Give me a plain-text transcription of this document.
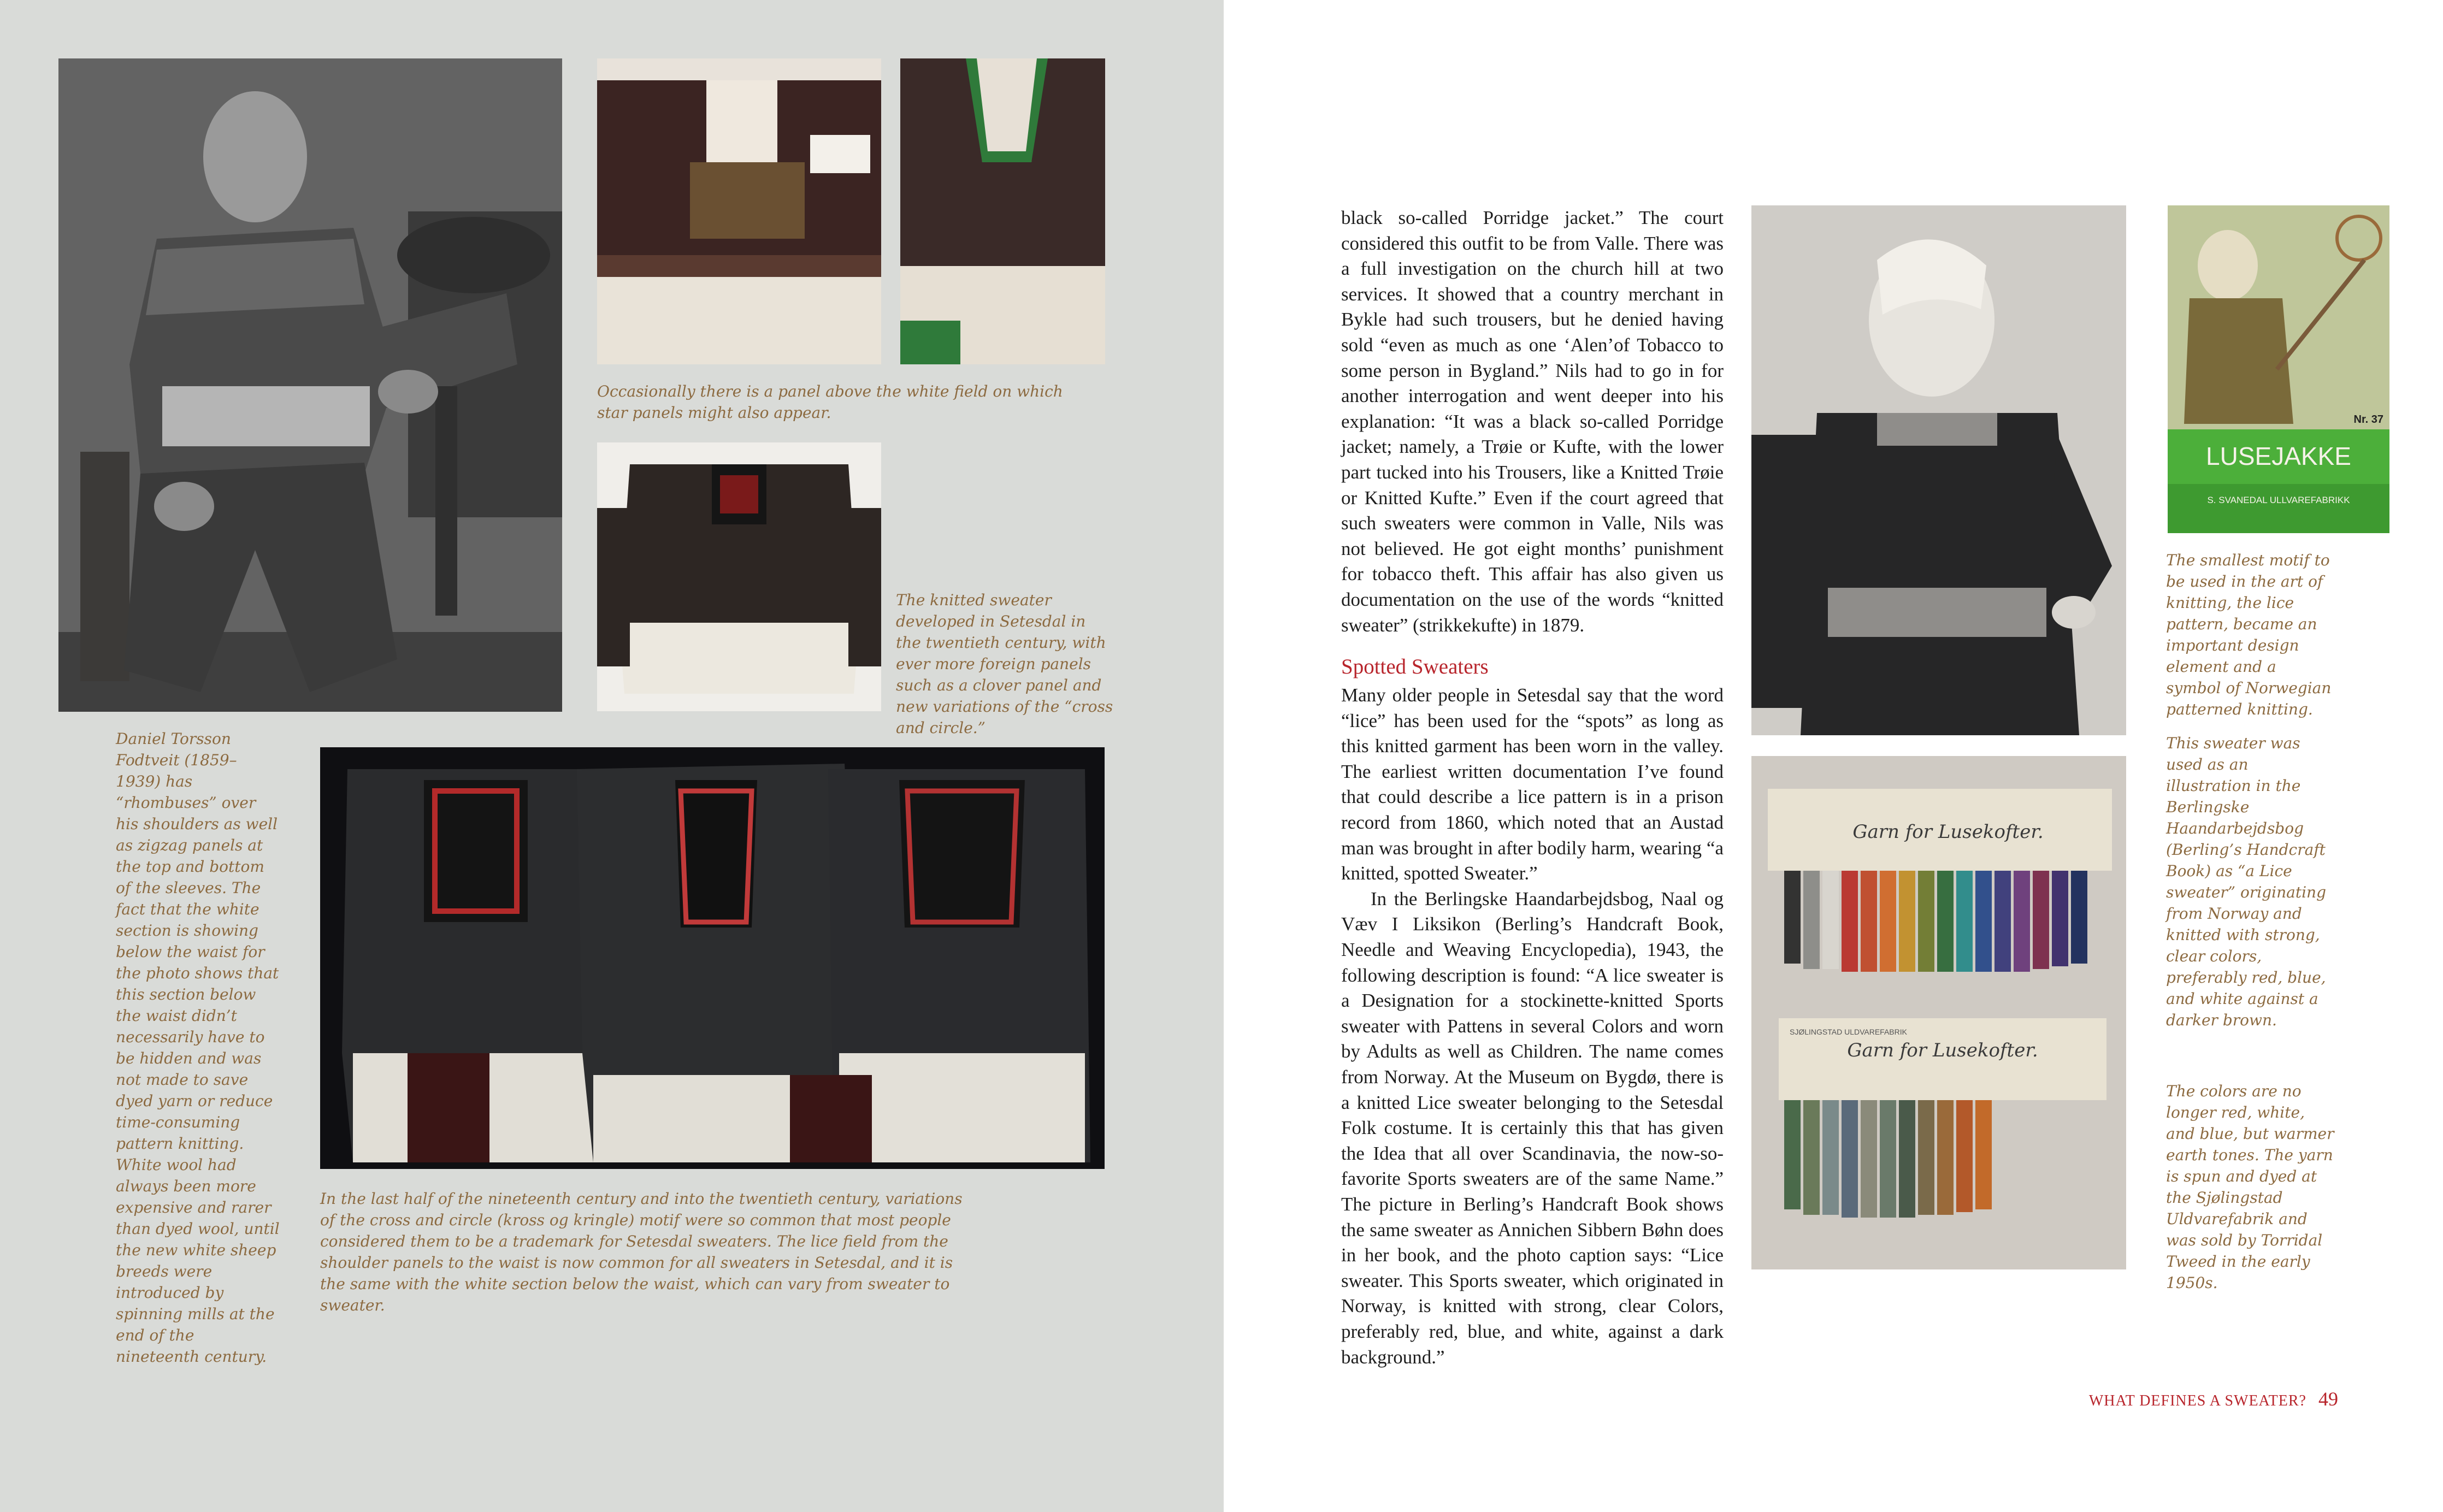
Daniel Torsson Fodtveit (1859–1939) has “rhombuses” over his shoulders as well as zigzag panels at the top and bottom of the sleeves. The fact that the white section is showing below the waist for the photo shows that this section below the waist didn’t necessarily have to be hidden and was not made to save dyed yarn or reduce time-consuming pattern knitting. White wool had always been more expensive and rarer than dyed wool, until the new white sheep breeds were introduced by spinning mills at the end of the nineteenth century.

Occasionally there is a panel above the white field on which star panels might also appear.

The knitted sweater developed in Setesdal in the twentieth century, with ever more foreign panels such as a clover panel and new variations of the “cross and circle.”

In the last half of the nineteenth century and into the twentieth century, variations of the cross and circle (kross og kringle) motif were so common that most people considered them to be a trademark for Setesdal sweaters. The lice field from the shoulder panels to the waist is now common for all sweaters in Setesdal, and it is the same with the white section below the waist, which can vary from sweater to sweater.

black so-called Porridge jacket.” The court considered this outfit to be from Valle. There was a full investigation on the church hill at two services. It showed that a country merchant in Bykle had such trousers, but he denied having sold “even as much as one ‘Alen’of Tobacco to some person in Bygland.” Nils had to go in for another interrogation and went deeper into his explanation: “It was a black so-called Porridge jacket; namely, a Trøie or Kufte, with the lower part tucked into his Trousers, like a Knitted Trøie or Knitted Kufte.” Even if the court agreed that such sweaters were common in Valle, Nils was not believed. He got eight months’ punishment for tobacco theft. This affair has also given us documentation on the use of the words “knitted sweater” (strikkekufte) in 1879.

Spotted Sweaters

Many older people in Setesdal say that the word “lice” has been used for the “spots” as long as this knitted garment has been worn in the valley. The earliest written documentation I’ve found that could describe a lice pattern is in a prison record from 1860, which noted that an Austad man was brought in after bodily harm, wearing “a knitted, spotted Sweater.”

In the Berlingske Haandarbejdsbog, Naal og Væv I Liksikon (Berling’s Handcraft Book, Needle and Weaving Encyclopedia), 1943, the following description is found: “A lice sweater is a Designation for a stockinette-knitted Sports sweater with Pattens in several Colors and worn by Adults as well as Children. The name comes from Norway. At the Museum on Bygdø, there is a knitted Lice sweater belonging to the Setesdal Folk costume. It is certainly this that has given the Idea that all over Scandinavia, the now-so-favorite Sports sweaters are of the same Name.” The picture in Berling’s Handcraft Book shows the same sweater as Annichen Sibbern Bøhn does in her book, and the photo caption says: “Lice sweater. This Sports sweater, which originated in Norway, is knitted with strong, clear Colors, preferably red, blue, and white, against a dark background.”

Nr. 37
LUSEJAKKE
S. SVANEDAL ULLVAREFABRIKK
Garn for Lusekofter.
SJØLINGSTAD ULDVAREFABRIK
Garn for Lusekofter.

The smallest motif to be used in the art of knitting, the lice pattern, became an important design element and a symbol of Norwegian patterned knitting.

This sweater was used as an illustration in the Berlingske Haandarbejdsbog (Berling’s Handcraft Book) as “a Lice sweater” originating from Norway and knitted with strong, clear colors, preferably red, blue, and white against a darker brown.

The colors are no longer red, white, and blue, but warmer earth tones. The yarn is spun and dyed at the Sjølingstad Uldvarefabrik and was sold by Torridal Tweed in the early 1950s.

WHAT DEFINES A SWEATER? 49
